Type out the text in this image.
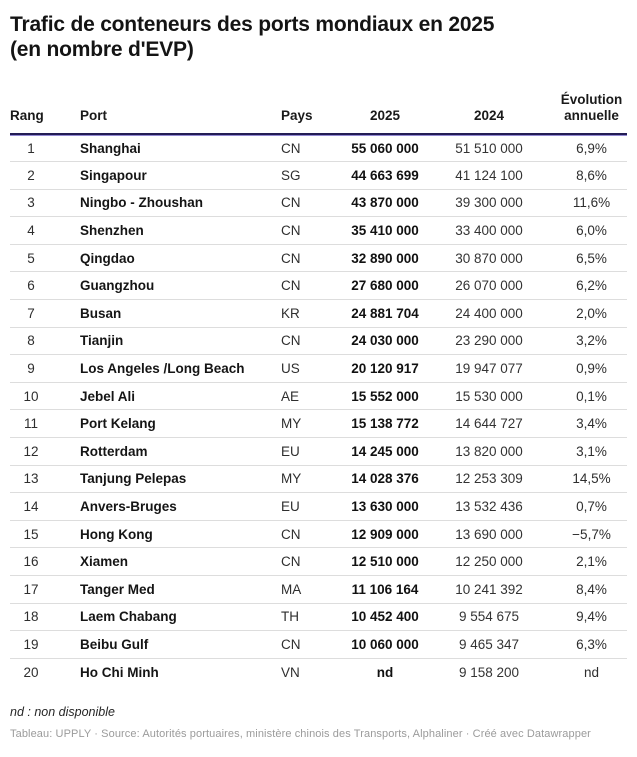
Trafic de conteneurs des ports mondiaux en 2025
(en nombre d'EVP)
Rang	Port	Pays	2025	2024	Évolution annuelle
1	Shanghai	CN	55 060 000	51 510 000	6,9%
2	Singapour	SG	44 663 699	41 124 100	8,6%
3	Ningbo - Zhoushan	CN	43 870 000	39 300 000	11,6%
4	Shenzhen	CN	35 410 000	33 400 000	6,0%
5	Qingdao	CN	32 890 000	30 870 000	6,5%
6	Guangzhou	CN	27 680 000	26 070 000	6,2%
7	Busan	KR	24 881 704	24 400 000	2,0%
8	Tianjin	CN	24 030 000	23 290 000	3,2%
9	Los Angeles /Long Beach	US	20 120 917	19 947 077	0,9%
10	Jebel Ali	AE	15 552 000	15 530 000	0,1%
11	Port Kelang	MY	15 138 772	14 644 727	3,4%
12	Rotterdam	EU	14 245 000	13 820 000	3,1%
13	Tanjung Pelepas	MY	14 028 376	12 253 309	14,5%
14	Anvers-Bruges	EU	13 630 000	13 532 436	0,7%
15	Hong Kong	CN	12 909 000	13 690 000	−5,7%
16	Xiamen	CN	12 510 000	12 250 000	2,1%
17	Tanger Med	MA	11 106 164	10 241 392	8,4%
18	Laem Chabang	TH	10 452 400	9 554 675	9,4%
19	Beibu Gulf	CN	10 060 000	9 465 347	6,3%
20	Ho Chi Minh	VN	nd	9 158 200	nd
nd : non disponible
Tableau: UPPLY · Source: Autorités portuaires, ministère chinois des Transports, Alphaliner · Créé avec Datawrapper
